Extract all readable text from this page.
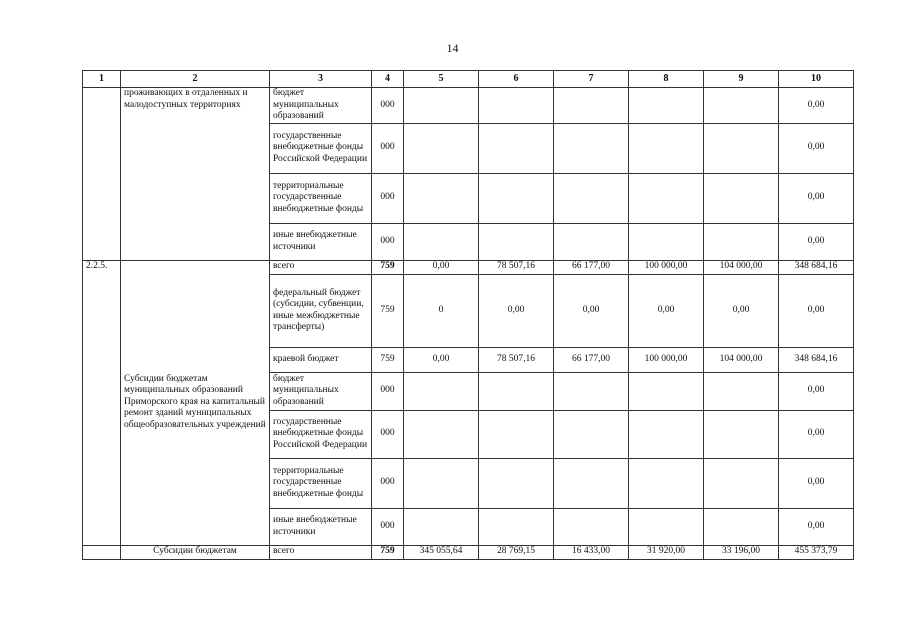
14
1	2	3	4	5	6	7	8	9	10
	проживающих в отдаленных и малодоступных территориях	бюджет муниципальных образований	000						0,00
		государственные внебюджетные фонды Российской Федерации	000						0,00
		территориальные государственные внебюджетные фонды	000						0,00
		иные внебюджетные источники	000						0,00
2.2.5.	Субсидии бюджетам муниципальных образований Приморского края на капитальный ремонт зданий муниципальных общеобразовательных учреждений	всего	759	0,00	78 507,16	66 177,00	100 000,00	104 000,00	348 684,16
		федеральный бюджет (субсидии, субвенции, иные межбюджетные трансферты)	759	0	0,00	0,00	0,00	0,00	0,00
		краевой бюджет	759	0,00	78 507,16	66 177,00	100 000,00	104 000,00	348 684,16
		бюджет муниципальных образований	000						0,00
		государственные внебюджетные фонды Российской Федерации	000						0,00
		территориальные государственные внебюджетные фонды	000						0,00
		иные внебюджетные источники	000						0,00
	Субсидии бюджетам	всего	759	345 055,64	28 769,15	16 433,00	31 920,00	33 196,00	455 373,79
